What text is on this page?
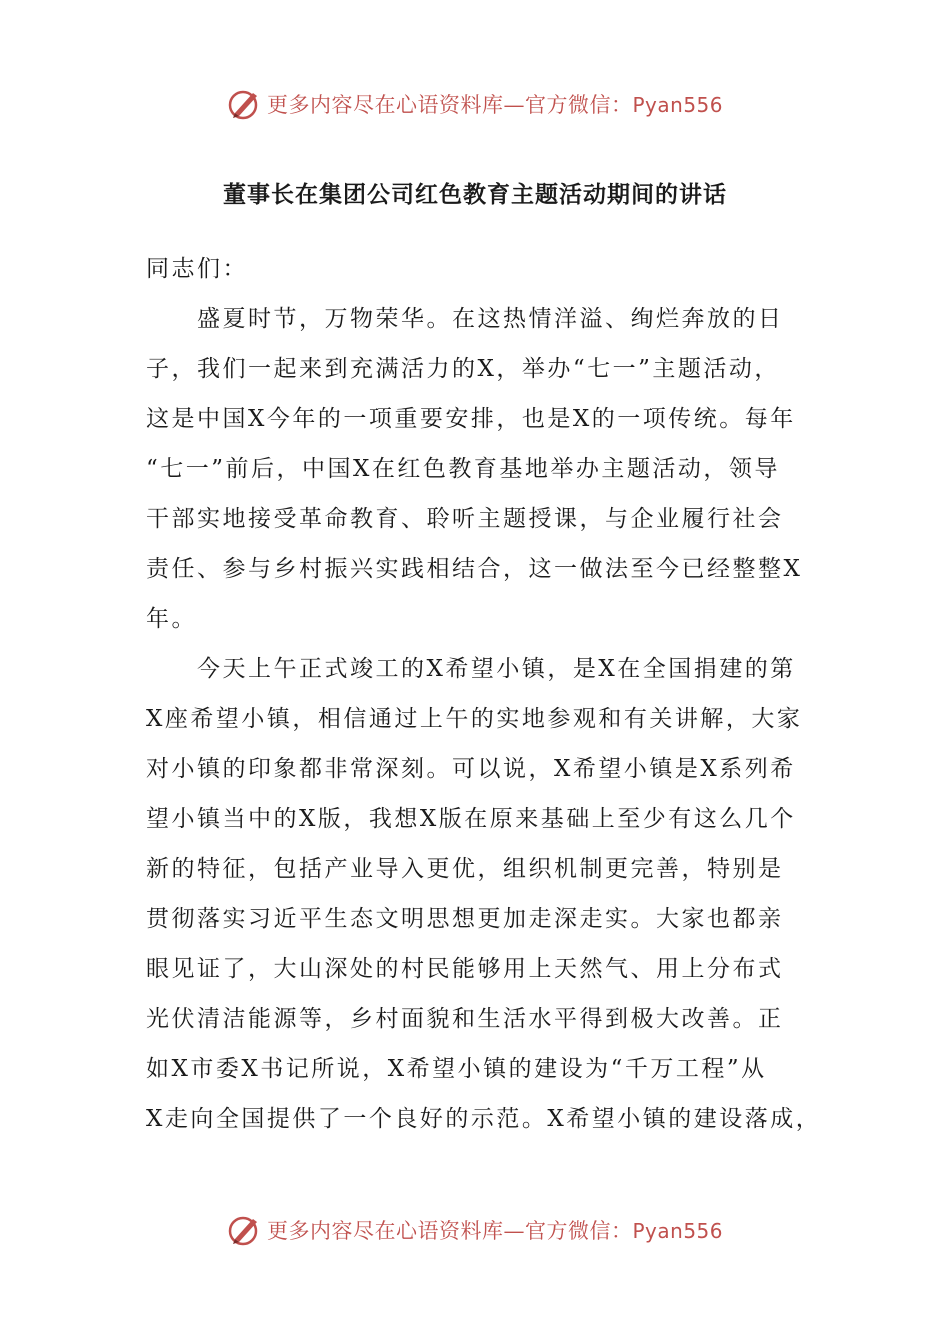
更多内容尽在心语资料库—官方微信：Pyan556
董事长在集团公司红色教育主题活动期间的讲话
同志们：
　　盛夏时节，万物荣华。在这热情洋溢、绚烂奔放的日
子，我们一起来到充满活力的X，举办“七一”主题活动，
这是中国X今年的一项重要安排，也是X的一项传统。每年
“七一”前后，中国X在红色教育基地举办主题活动，领导
干部实地接受革命教育、聆听主题授课，与企业履行社会
责任、参与乡村振兴实践相结合，这一做法至今已经整整X
年。
　　今天上午正式竣工的X希望小镇，是X在全国捐建的第
X座希望小镇，相信通过上午的实地参观和有关讲解，大家
对小镇的印象都非常深刻。可以说，X希望小镇是X系列希
望小镇当中的X版，我想X版在原来基础上至少有这么几个
新的特征，包括产业导入更优，组织机制更完善，特别是
贯彻落实习近平生态文明思想更加走深走实。大家也都亲
眼见证了，大山深处的村民能够用上天然气、用上分布式
光伏清洁能源等，乡村面貌和生活水平得到极大改善。正
如X市委X书记所说，X希望小镇的建设为“千万工程”从
X走向全国提供了一个良好的示范。X希望小镇的建设落成，
更多内容尽在心语资料库—官方微信：Pyan556
